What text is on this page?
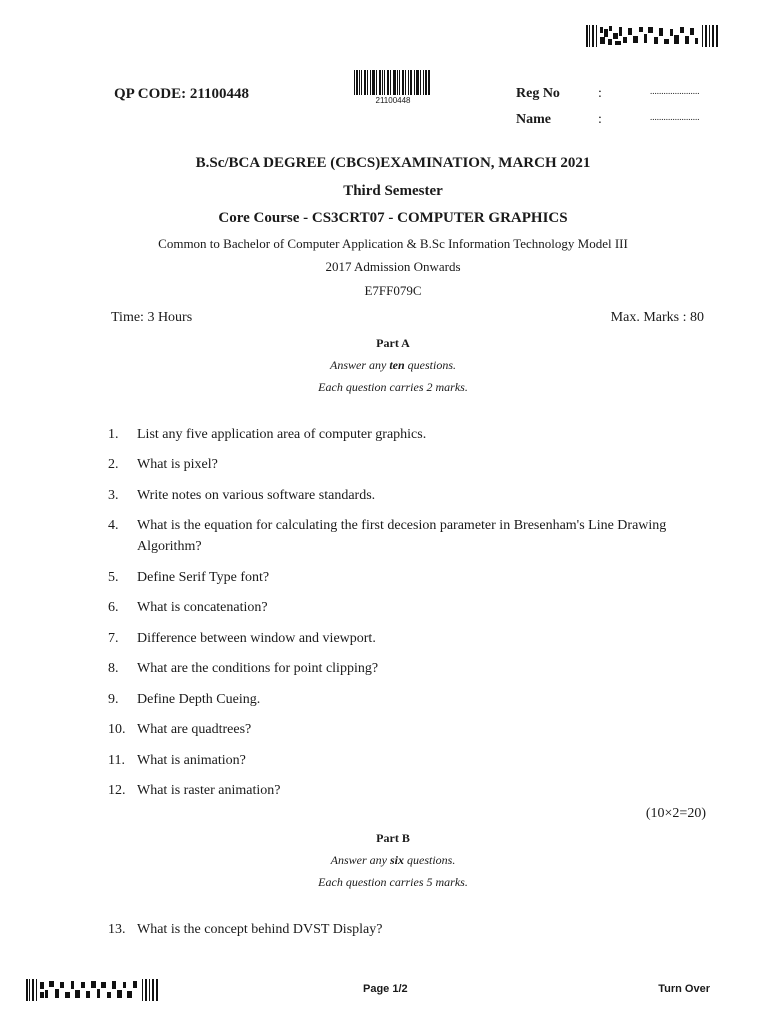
QP CODE: 21100448	21100448	Reg No	:	......................
Name	:	......................
B.Sc/BCA DEGREE (CBCS)EXAMINATION, MARCH 2021
Third Semester
Core Course - CS3CRT07 - COMPUTER GRAPHICS
Common to Bachelor of Computer Application & B.Sc Information Technology Model III
2017 Admission Onwards
E7FF079C
Time: 3 Hours	Max. Marks : 80
Part A
Answer any ten questions.
Each question carries 2 marks.
1. List any five application area of computer graphics.
2. What is pixel?
3. Write notes on various software standards.
4. What is the equation for calculating the first decesion parameter in Bresenham's Line Drawing Algorithm?
5. Define Serif Type font?
6. What is concatenation?
7. Difference between window and viewport.
8. What are the conditions for point clipping?
9. Define Depth Cueing.
10. What are quadtrees?
11. What is animation?
12. What is raster animation?
(10×2=20)
Part B
Answer any six questions.
Each question carries 5 marks.
13. What is the concept behind DVST Display?
Page 1/2	Turn Over
